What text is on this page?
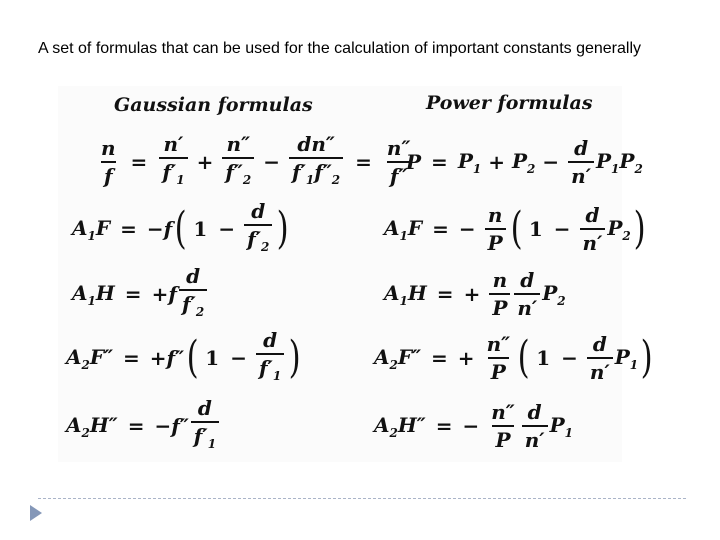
A set of formulas that can be used for the calculation of important constants generally
Gaussian formulas	Power formulas
$\frac{n}{f} = \frac{n'}{f'_1} + \frac{n''}{f''_2} - \frac{dn''}{f'_1f''_2} = \frac{n''}{f''}$
$A_1F = -f$ ( $1 - \frac{d}{f'_2}$ )
$A_1H = +f \frac{d}{f'_2}$
$A_2F'' = +f''$ ( $1 - \frac{d}{f'_1}$ )
$A_2H'' = -f'' \frac{d}{f'_1}$
$P = P_1 + P_2 - \frac{d}{n'} P_1P_2$
$A_1F$ = − $\frac{n}{P}$ ( $1 - \frac{d}{n'} P_2$ )
$A_1H$ = + $\frac{n}{P} \frac{d}{n'} P_2$
$A_2F''$ = + $\frac{n''}{P}$ ( $1 - \frac{d}{n'} P_1$ )
$A_2H''$ = − $\frac{n''}{P} \frac{d}{n'} P_1$
